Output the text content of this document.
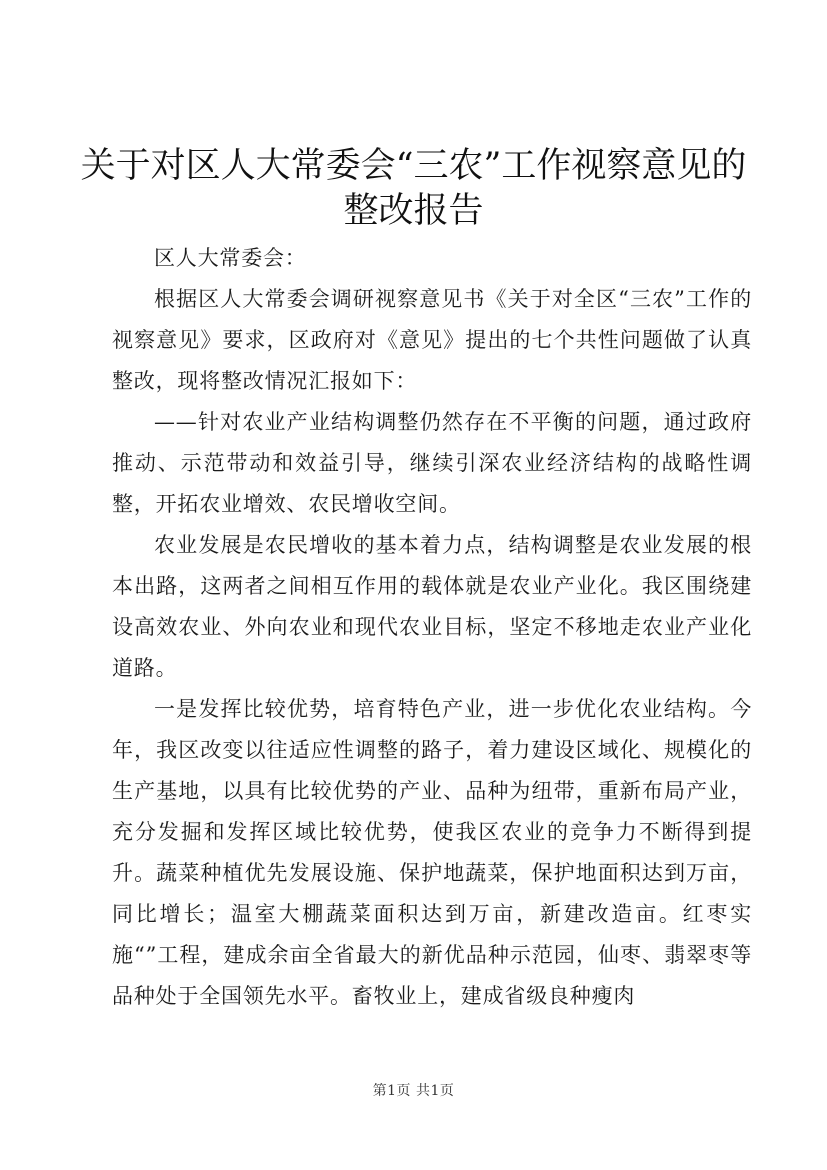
关于对区人大常委会“三农”工作视察意见的
整改报告

区人大常委会：

根据区人大常委会调研视察意见书《关于对全区“三农”工作的视察意见》要求，区政府对《意见》提出的七个共性问题做了认真整改，现将整改情况汇报如下：

——针对农业产业结构调整仍然存在不平衡的问题，通过政府推动、示范带动和效益引导，继续引深农业经济结构的战略性调整，开拓农业增效、农民增收空间。

农业发展是农民增收的基本着力点，结构调整是农业发展的根本出路，这两者之间相互作用的载体就是农业产业化。我区围绕建设高效农业、外向农业和现代农业目标，坚定不移地走农业产业化道路。

一是发挥比较优势，培育特色产业，进一步优化农业结构。今年，我区改变以往适应性调整的路子，着力建设区域化、规模化的生产基地，以具有比较优势的产业、品种为纽带，重新布局产业，充分发掘和发挥区域比较优势，使我区农业的竞争力不断得到提升。蔬菜种植优先发展设施、保护地蔬菜，保护地面积达到万亩，同比增长；温室大棚蔬菜面积达到万亩，新建改造亩。红枣实施“”工程，建成余亩全省最大的新优品种示范园，仙枣、翡翠枣等品种处于全国领先水平。畜牧业上，建成省级良种瘦肉

第1页 共1页
